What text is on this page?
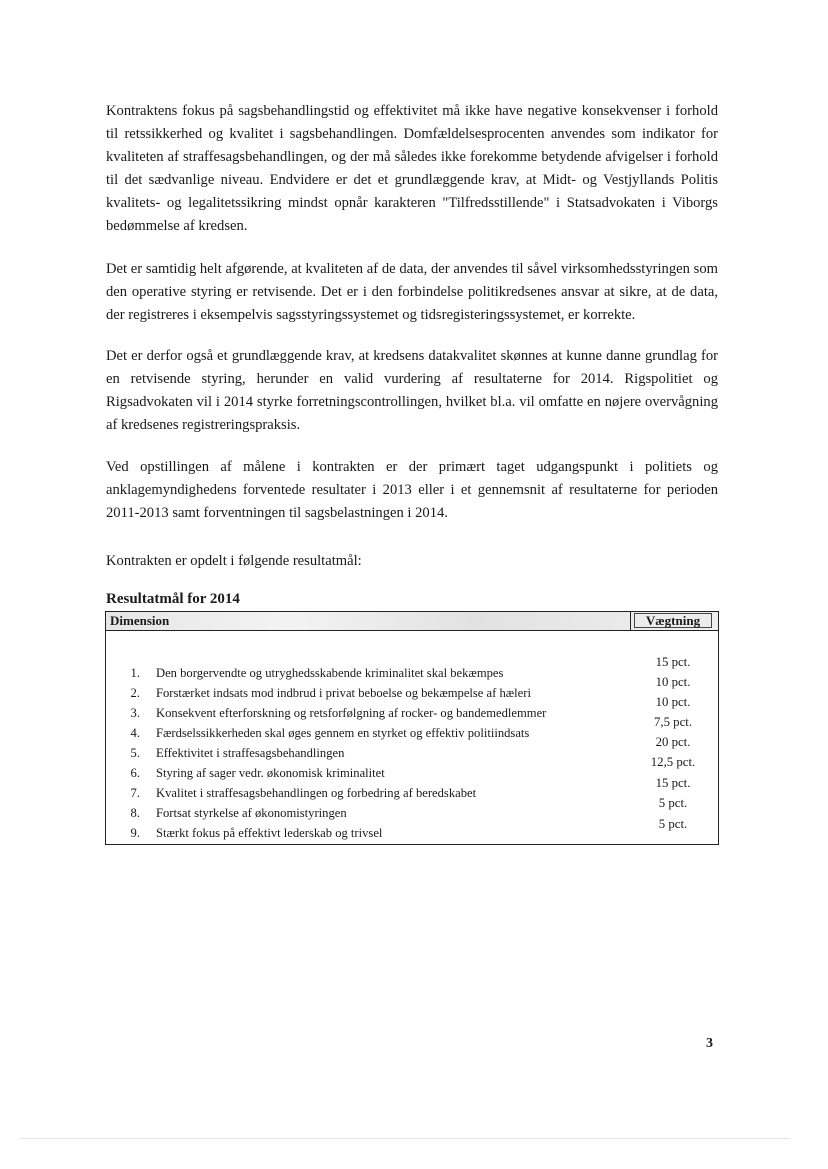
Kontraktens fokus på sagsbehandlingstid og effektivitet må ikke have negative konsekvenser i forhold til retssikkerhed og kvalitet i sagsbehandlingen. Domfældelsesprocenten anvendes som indikator for kvaliteten af straffesagsbehandlingen, og der må således ikke forekomme betydende afvigelser i forhold til det sædvanlige niveau. Endvidere er det et grundlæggende krav, at Midt- og Vestjyllands Politis kvalitets- og legalitetssikring mindst opnår karakteren "Tilfredsstillende" i Statsadvokaten i Viborgs bedømmelse af kredsen.

Det er samtidig helt afgørende, at kvaliteten af de data, der anvendes til såvel virksomhedsstyringen som den operative styring er retvisende. Det er i den forbindelse politikredsenes ansvar at sikre, at de data, der registreres i eksempelvis sagsstyringssystemet og tidsregisteringssystemet, er korrekte.

Det er derfor også et grundlæggende krav, at kredsens datakvalitet skønnes at kunne danne grundlag for en retvisende styring, herunder en valid vurdering af resultaterne for 2014. Rigspolitiet og Rigsadvokaten vil i 2014 styrke forretningscontrollingen, hvilket bl.a. vil omfatte en nøjere overvågning af kredsenes registreringspraksis.

Ved opstillingen af målene i kontrakten er der primært taget udgangspunkt i politiets og anklagemyndighedens forventede resultater i 2013 eller i et gennemsnit af resultaterne for perioden 2011-2013 samt forventningen til sagsbelastningen i 2014.

Kontrakten er opdelt i følgende resultatmål:

Resultatmål for 2014

Dimension	Vægtning
1. Den borgervendte og utryghedsskabende kriminalitet skal bekæmpes
2. Forstærket indsats mod indbrud i privat beboelse og bekæmpelse af hæleri
3. Konsekvent efterforskning og retsforfølgning af rocker- og bandemedlemmer
4. Færdselssikkerheden skal øges gennem en styrket og effektiv politiindsats
5. Effektivitet i straffesagsbehandlingen
6. Styring af sager vedr. økonomisk kriminalitet
7. Kvalitet i straffesagsbehandlingen og forbedring af beredskabet
8. Fortsat styrkelse af økonomistyringen
9. Stærkt fokus på effektivt lederskab og trivsel
15 pct.
10 pct.
10 pct.
7,5 pct.
20 pct.
12,5 pct.
15 pct.
5 pct.
5 pct.
3
